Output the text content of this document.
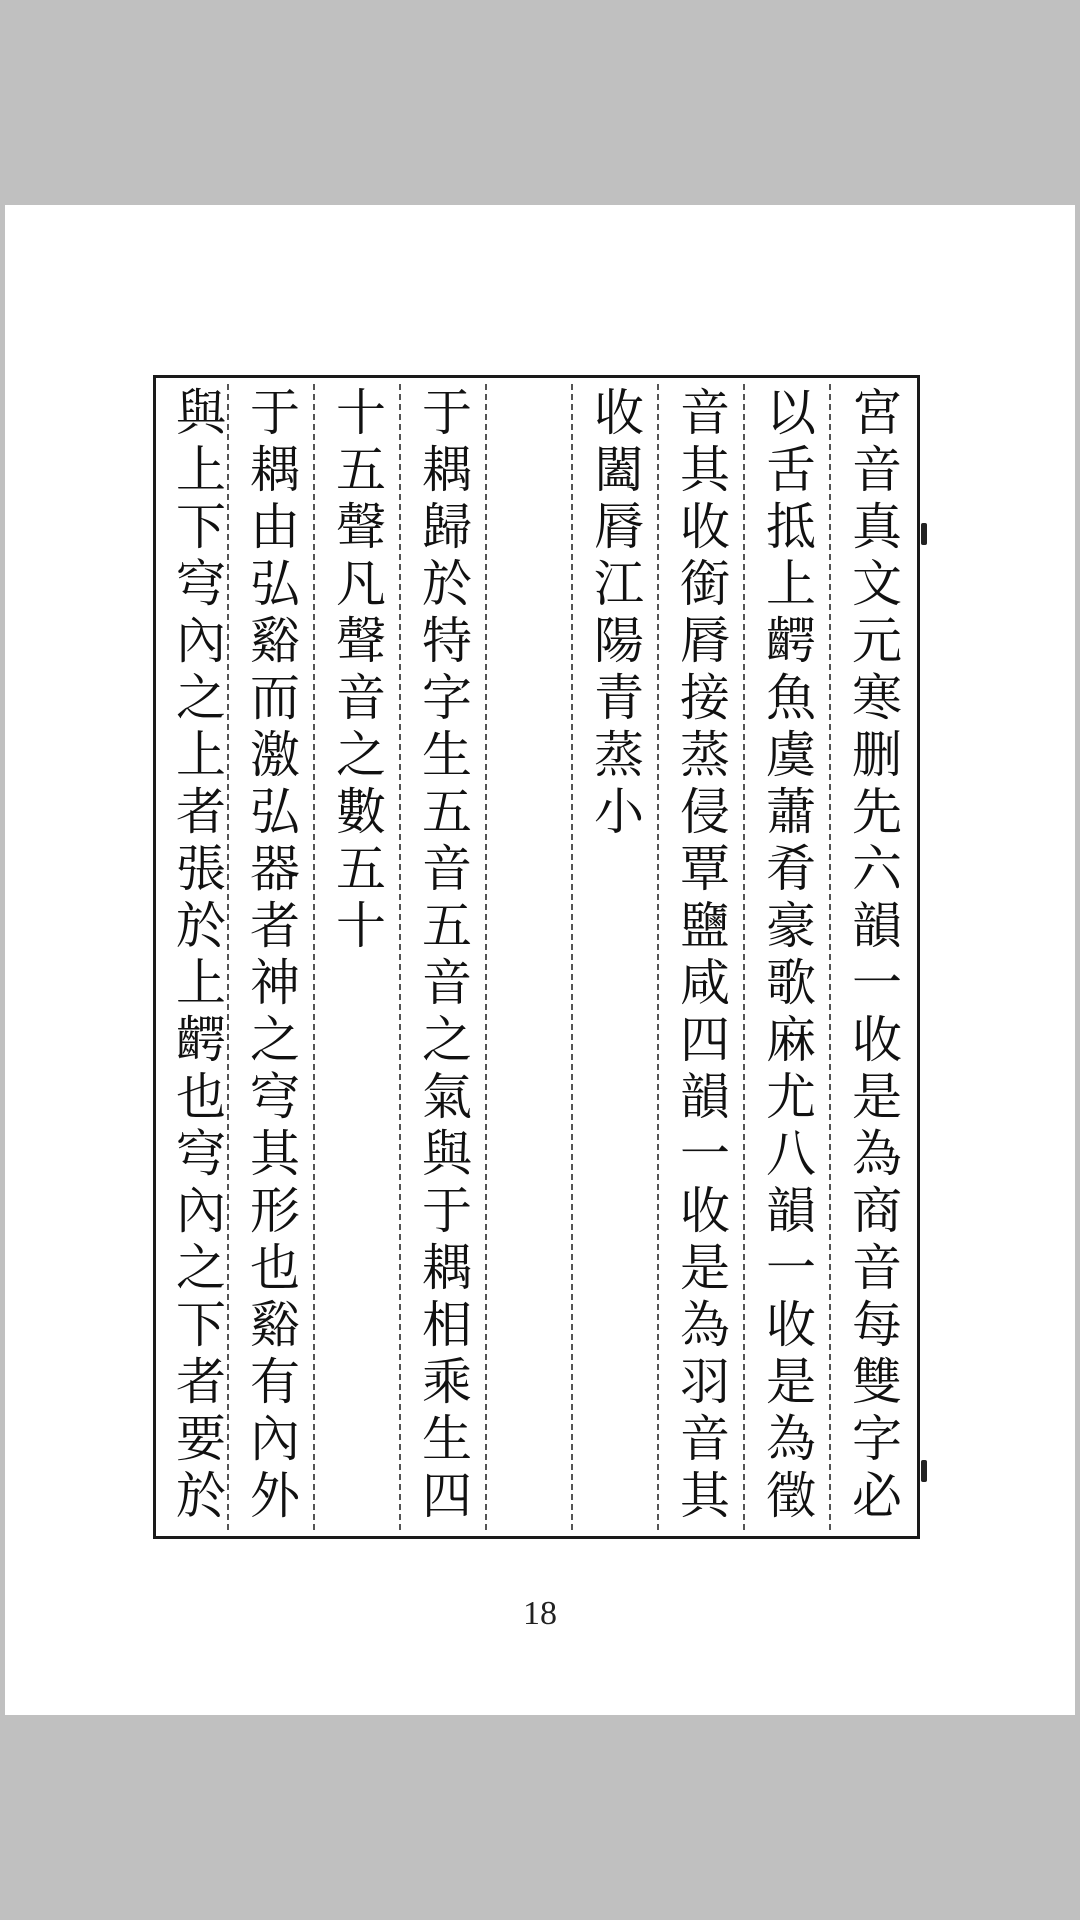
宮音真文元寒删先六韻一收是為商音每雙字必
以舌抵上齶魚虞蕭肴豪歌麻尤八韻一收是為徵
音其收銜脣接蒸侵覃鹽咸四韻一收是為羽音其
收闔脣江陽青蒸小
于耦歸於特字生五音五音之氣與于耦相乘生四
十五聲凡聲音之數五十
于耦由弘谿而激弘器者神之穹其形也谿有內外
與上下穹內之上者張於上齶也穹內之下者要於
18
